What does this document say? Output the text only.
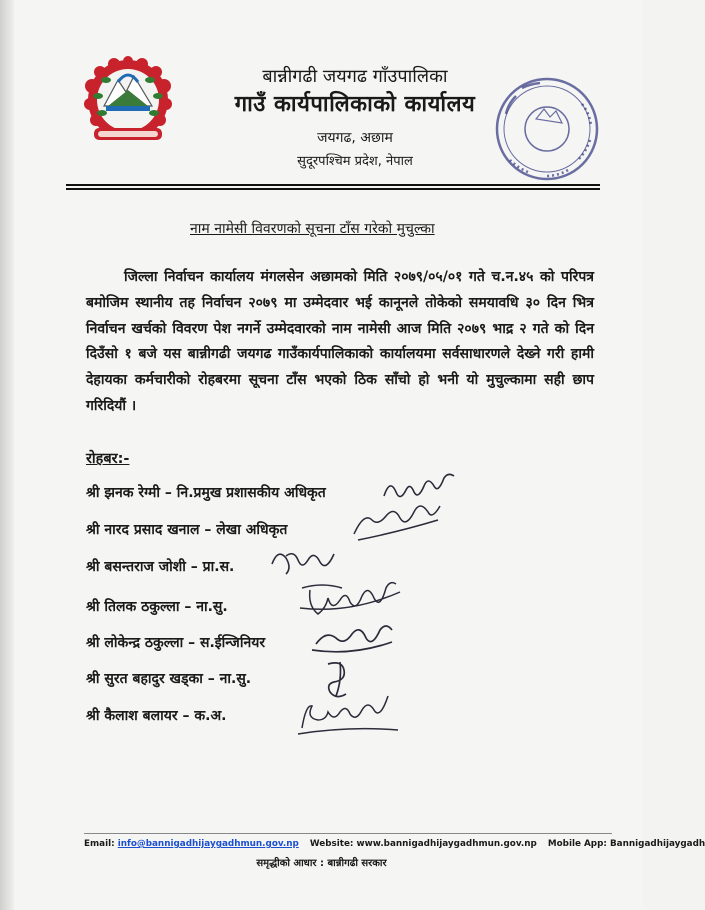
बान्नीगढी जयगढ गाँउपालिका
गाउँ कार्यपालिकाको कार्यालय
जयगढ, अछाम
सुदूरपश्चिम प्रदेश, नेपाल
नाम नामेसी विवरणको सूचना टाँस गरेको मुचुल्का
जिल्ला निर्वाचन कार्यालय मंगलसेन अछामको मिति २०७९/०५/०१ गते च.न.४५ को परिपत्र बमोजिम स्थानीय तह निर्वाचन २०७९ मा उम्मेदवार भई कानूनले तोकेको समयावधि ३० दिन भित्र निर्वाचन खर्चको विवरण पेश नगर्ने उम्मेदवारको नाम नामेसी आज मिति २०७९ भाद्र २ गते को दिन दिउँसो १ बजे यस बान्नीगढी जयगढ गाउँकार्यपालिकाको कार्यालयमा सर्वसाधारणले देख्ने गरी हामी देहायका कर्मचारीको रोहबरमा सूचना टाँस भएको ठिक साँचो हो भनी यो मुचुल्कामा सही छाप गरिदियौं ।
रोहबर:-
श्री झनक रेग्मी – नि.प्रमुख प्रशासकीय अधिकृत
श्री नारद प्रसाद खनाल – लेखा अधिकृत
श्री बसन्तराज जोशी – प्रा.स.
श्री तिलक ठकुल्ला – ना.सु.
श्री लोकेन्द्र ठकुल्ला – स.ईन्जिनियर
श्री सुरत बहादुर खड्का – ना.सु.
श्री कैलाश बलायर – क.अ.
Email: info@bannigadhijaygadhmun.gov.np Website: www.bannigadhijaygadhmun.gov.np Mobile App: Bannigadhijaygadh
समृद्धीको आधार : बान्नीगढी सरकार
